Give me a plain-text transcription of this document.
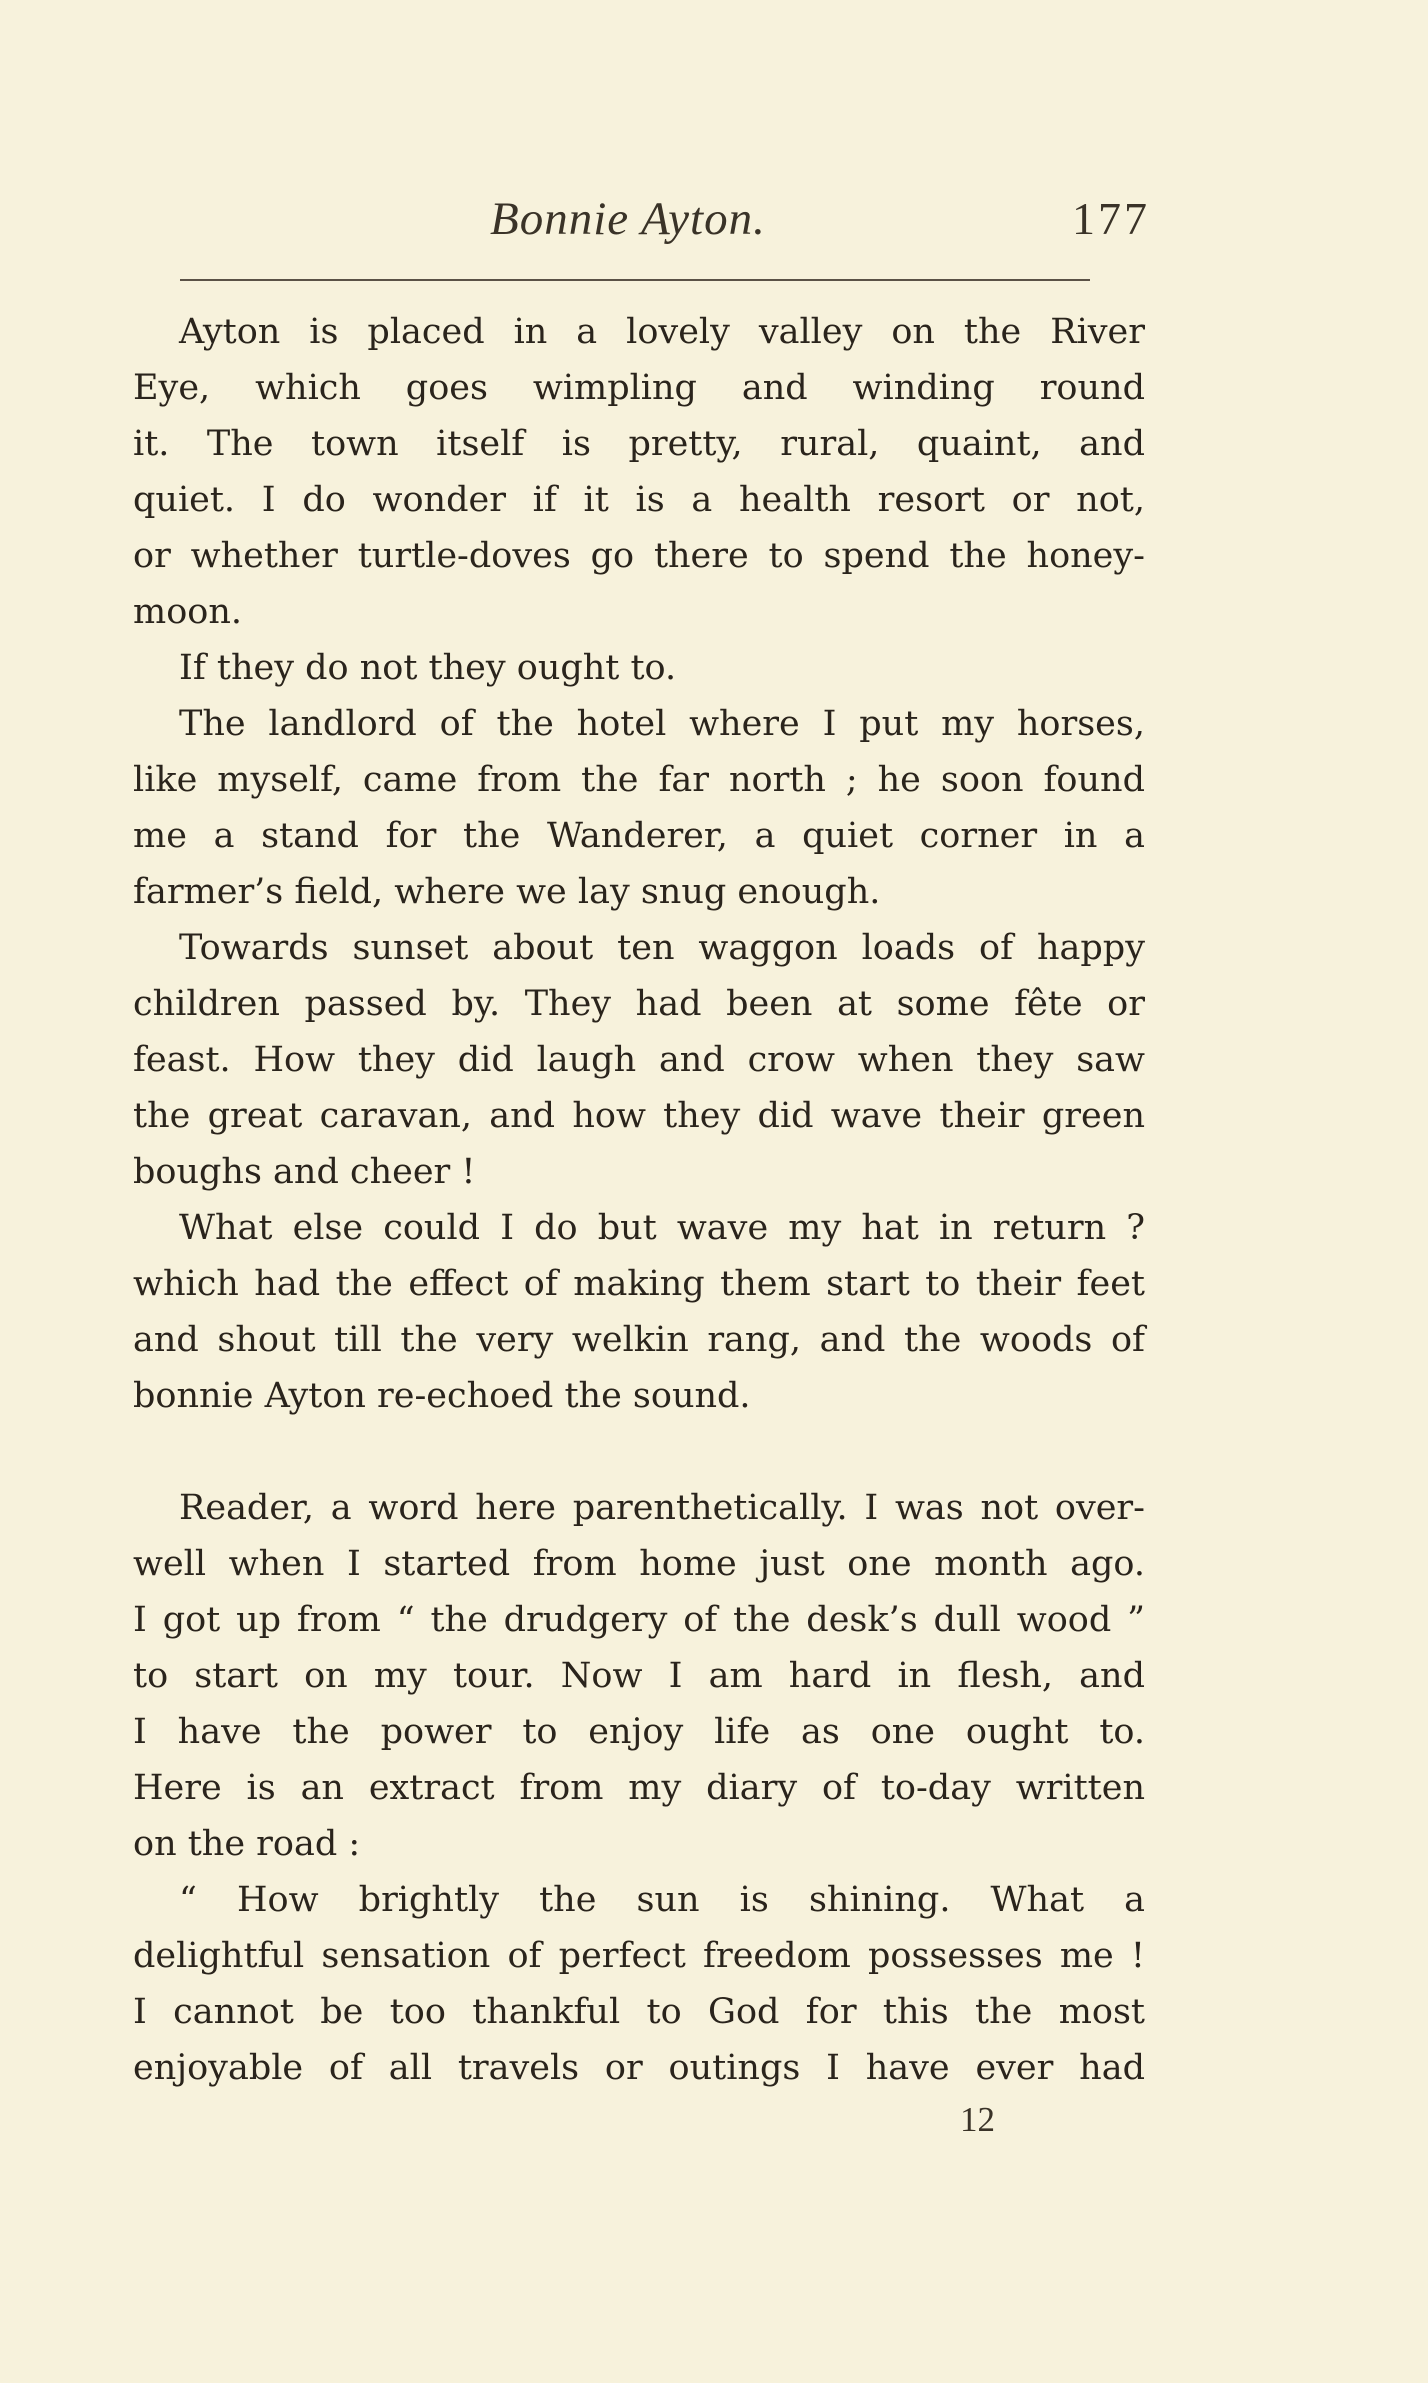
Bonnie Ayton.	177
Ayton is placed in a lovely valley on the River
Eye, which goes wimpling and winding round
it. The town itself is pretty, rural, quaint, and
quiet. I do wonder if it is a health resort or not,
or whether turtle-doves go there to spend the honey-
moon.
If they do not they ought to.
The landlord of the hotel where I put my horses,
like myself, came from the far north ; he soon found
me a stand for the Wanderer, a quiet corner in a
farmer’s field, where we lay snug enough.
Towards sunset about ten waggon loads of happy
children passed by. They had been at some fête or
feast. How they did laugh and crow when they saw
the great caravan, and how they did wave their green
boughs and cheer !
What else could I do but wave my hat in return ?
which had the effect of making them start to their feet
and shout till the very welkin rang, and the woods of
bonnie Ayton re-echoed the sound.
Reader, a word here parenthetically. I was not over-
well when I started from home just one month ago.
I got up from “ the drudgery of the desk’s dull wood ”
to start on my tour. Now I am hard in flesh, and
I have the power to enjoy life as one ought to.
Here is an extract from my diary of to-day written
on the road :
“ How brightly the sun is shining. What a
delightful sensation of perfect freedom possesses me !
I cannot be too thankful to God for this the most
enjoyable of all travels or outings I have ever had
12
